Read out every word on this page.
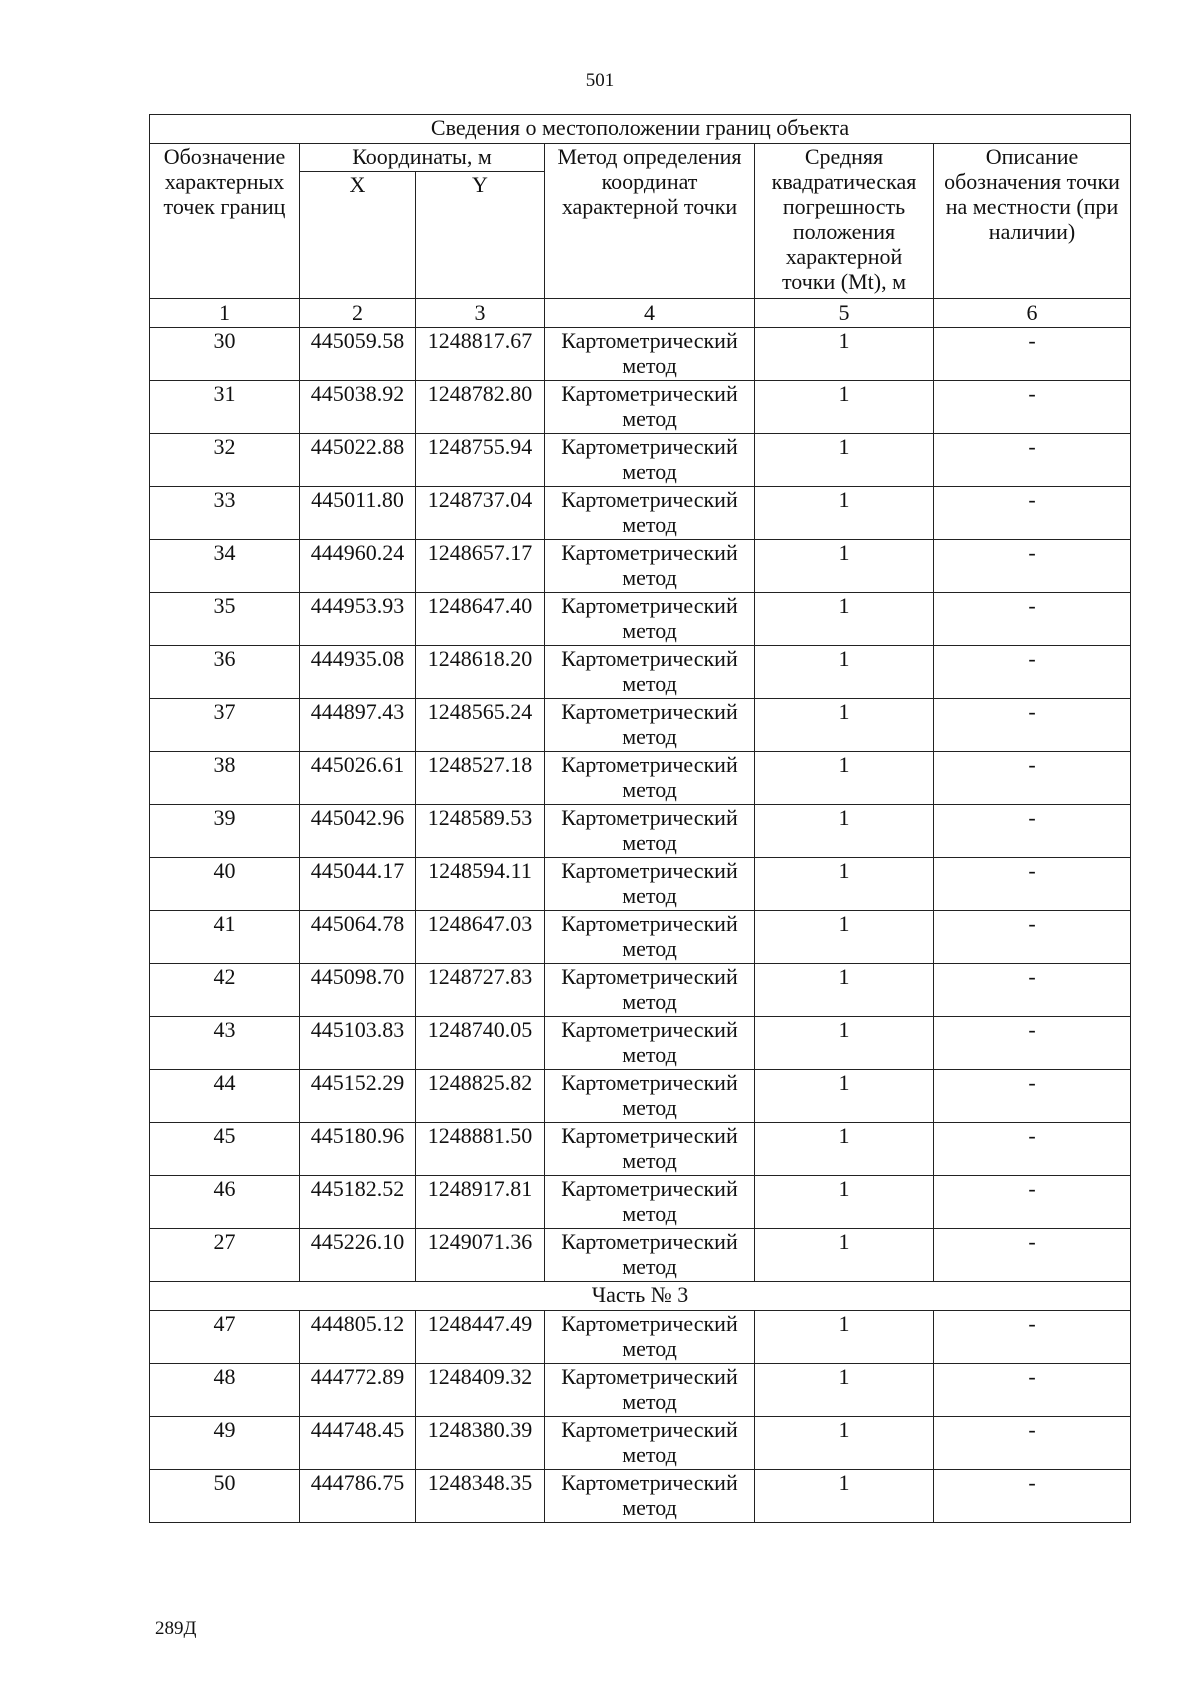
501
Сведения о местоположении границ объекта					
Обозначение характерных точек границ	Координаты, м		Метод определения координат характерной точки	Средняя квадратическая погрешность положения характерной точки (Mt), м	Описание обозначения точки на местности (при наличии)
	X	Y			
1	2	3	4	5	6
30	445059.58	1248817.67	Картометрический метод	1	-
31	445038.92	1248782.80	Картометрический метод	1	-
32	445022.88	1248755.94	Картометрический метод	1	-
33	445011.80	1248737.04	Картометрический метод	1	-
34	444960.24	1248657.17	Картометрический метод	1	-
35	444953.93	1248647.40	Картометрический метод	1	-
36	444935.08	1248618.20	Картометрический метод	1	-
37	444897.43	1248565.24	Картометрический метод	1	-
38	445026.61	1248527.18	Картометрический метод	1	-
39	445042.96	1248589.53	Картометрический метод	1	-
40	445044.17	1248594.11	Картометрический метод	1	-
41	445064.78	1248647.03	Картометрический метод	1	-
42	445098.70	1248727.83	Картометрический метод	1	-
43	445103.83	1248740.05	Картометрический метод	1	-
44	445152.29	1248825.82	Картометрический метод	1	-
45	445180.96	1248881.50	Картометрический метод	1	-
46	445182.52	1248917.81	Картометрический метод	1	-
27	445226.10	1249071.36	Картометрический метод	1	-
Часть № 3					
47	444805.12	1248447.49	Картометрический метод	1	-
48	444772.89	1248409.32	Картометрический метод	1	-
49	444748.45	1248380.39	Картометрический метод	1	-
50	444786.75	1248348.35	Картометрический метод	1	-
289Д
